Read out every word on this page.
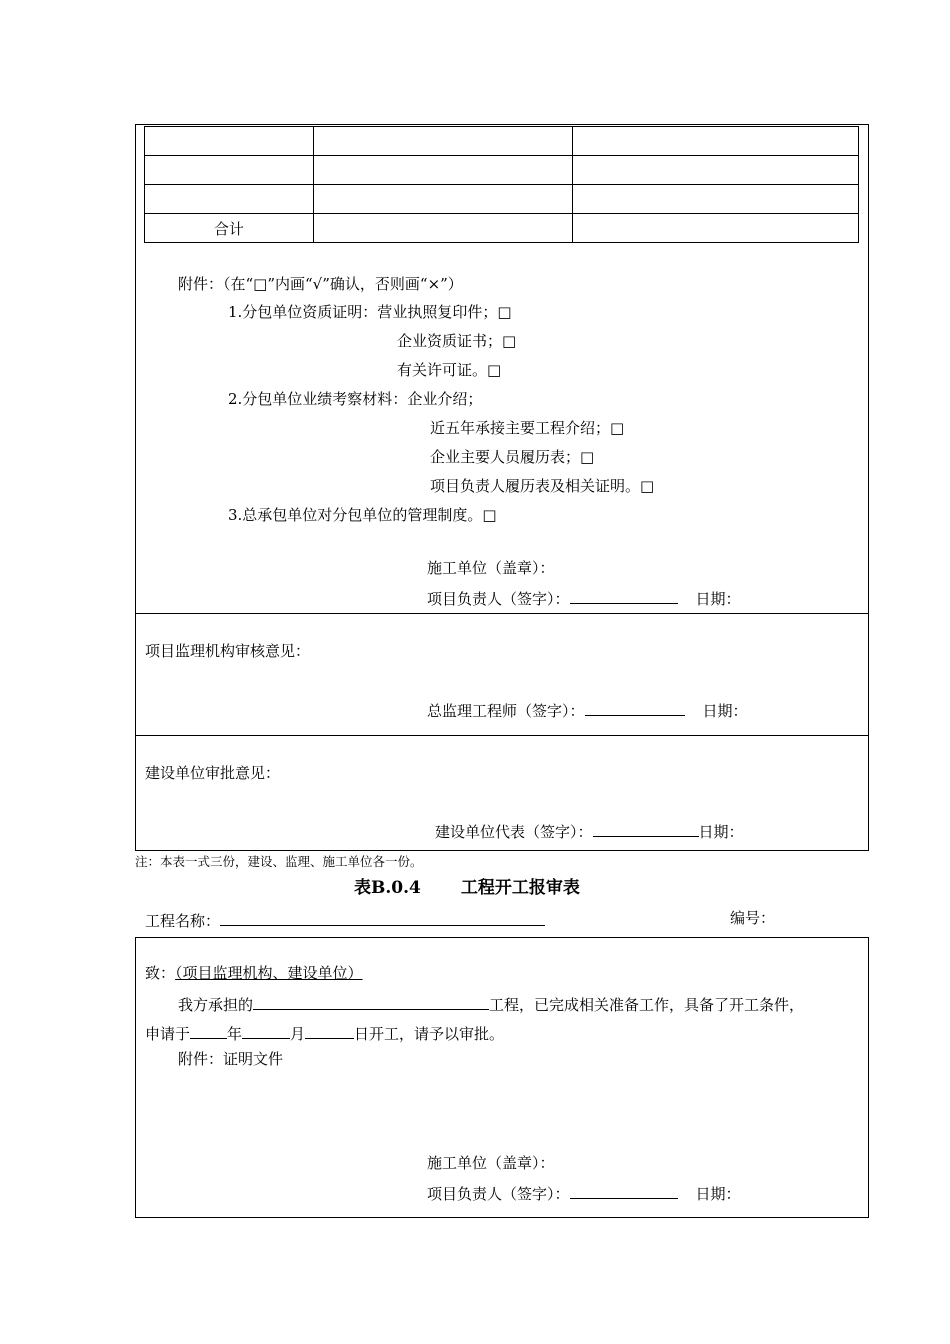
合计		
附件：（在“□”内画“√”确认，否则画“×”）
1.分包单位资质证明：营业执照复印件；□
企业资质证书；□
有关许可证。□
2.分包单位业绩考察材料：企业介绍；
近五年承接主要工程介绍；□
企业主要人员履历表；□
项目负责人履历表及相关证明。□
3.总承包单位对分包单位的管理制度。□
施工单位（盖章）：
项目负责人（签字）：	日期：
项目监理机构审核意见：
总监理工程师（签字）：	日期：
建设单位审批意见：
建设单位代表（签字）：	日期：
注：本表一式三份，建设、监理、施工单位各一份。
表B.0.4 工程开工报审表
工程名称：	编号：
致：（项目监理机构、建设单位）
我方承担的	工程，已完成相关准备工作，具备了开工条件，
申请于 年	月	日开工，请予以审批。
附件：证明文件
施工单位（盖章）：
项目负责人（签字）：	日期：
